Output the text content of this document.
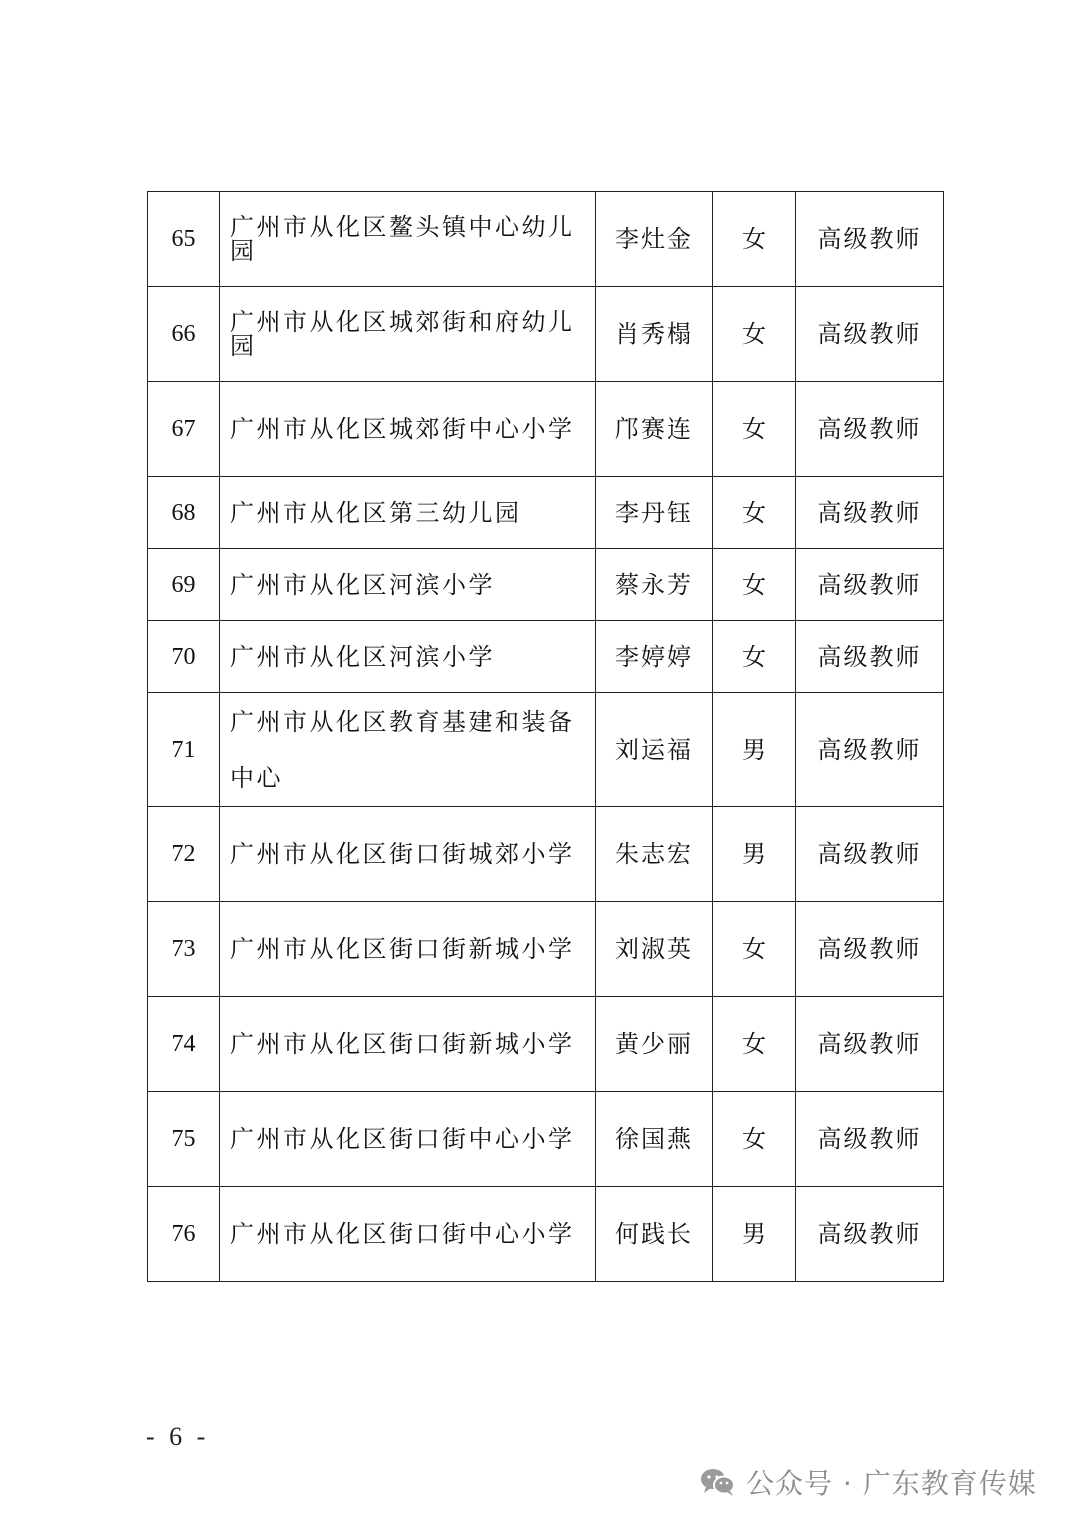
65	广州市从化区鳌头镇中心幼儿园	李灶金	女	高级教师
66	广州市从化区城郊街和府幼儿园	肖秀榻	女	高级教师
67	广州市从化区城郊街中心小学	邝赛连	女	高级教师
68	广州市从化区第三幼儿园	李丹钰	女	高级教师
69	广州市从化区河滨小学	蔡永芳	女	高级教师
70	广州市从化区河滨小学	李婷婷	女	高级教师
71	广州市从化区教育基建和装备中心	刘运福	男	高级教师
72	广州市从化区街口街城郊小学	朱志宏	男	高级教师
73	广州市从化区街口街新城小学	刘淑英	女	高级教师
74	广州市从化区街口街新城小学	黄少丽	女	高级教师
75	广州市从化区街口街中心小学	徐国燕	女	高级教师
76	广州市从化区街口街中心小学	何践长	男	高级教师
- 6 -
公众号 · 广东教育传媒
